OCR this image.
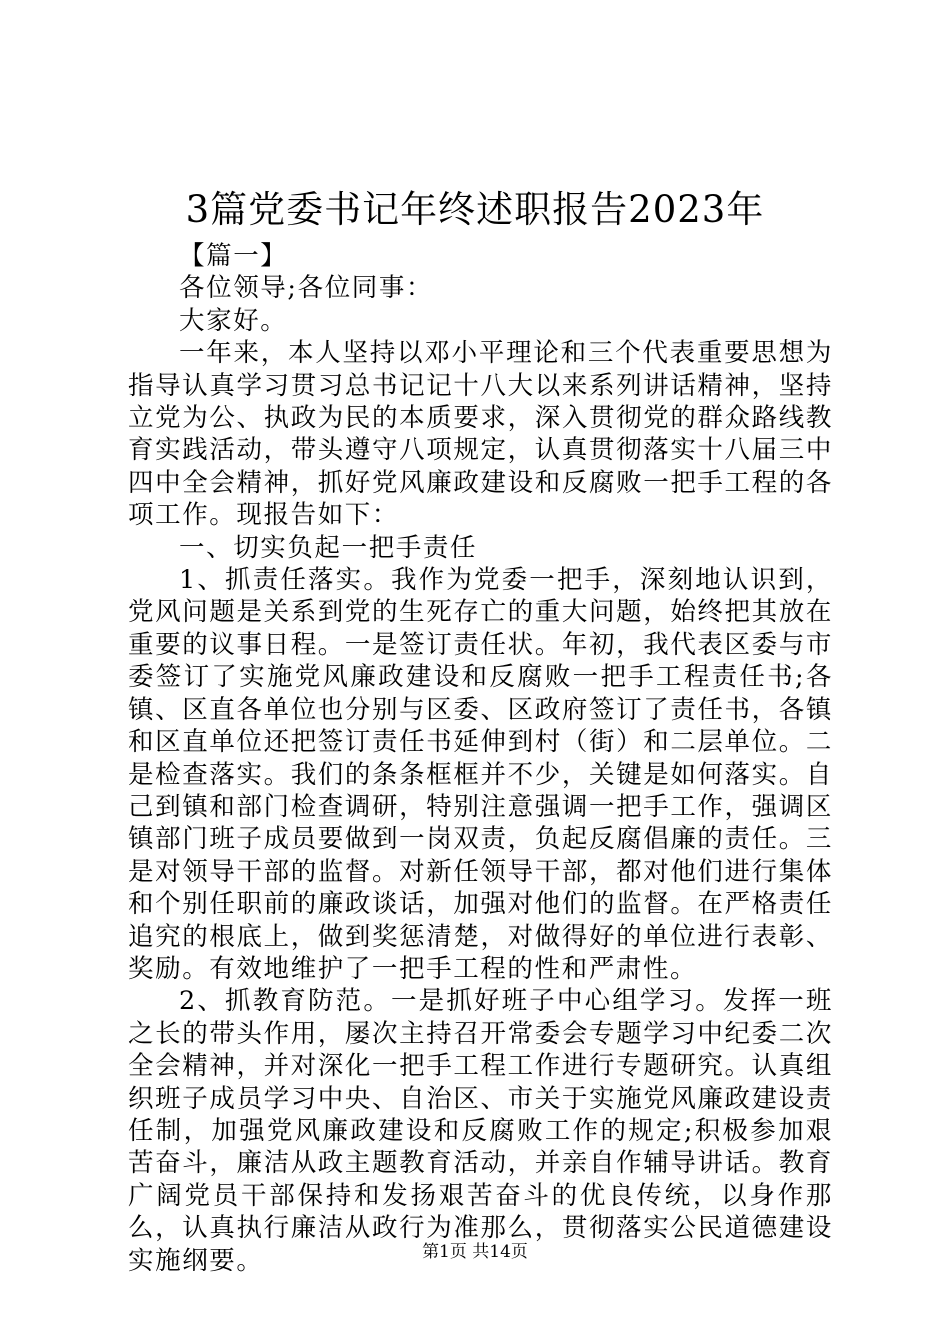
3篇党委书记年终述职报告2023年

【篇一】

各位领导;各位同事：

大家好。

一年来，本人坚持以邓小平理论和三个代表重要思想为指导认真学习贯习总书记记十八大以来系列讲话精神，坚持立党为公、执政为民的本质要求，深入贯彻党的群众路线教育实践活动，带头遵守八项规定，认真贯彻落实十八届三中四中全会精神，抓好党风廉政建设和反腐败一把手工程的各项工作。现报告如下：

一、切实负起一把手责任

1、抓责任落实。我作为党委一把手，深刻地认识到，党风问题是关系到党的生死存亡的重大问题，始终把其放在重要的议事日程。一是签订责任状。年初，我代表区委与市委签订了实施党风廉政建设和反腐败一把手工程责任书;各镇、区直各单位也分别与区委、区政府签订了责任书，各镇和区直单位还把签订责任书延伸到村（街）和二层单位。二是检查落实。我们的条条框框并不少，关键是如何落实。自己到镇和部门检查调研，特别注意强调一把手工作，强调区镇部门班子成员要做到一岗双责，负起反腐倡廉的责任。三是对领导干部的监督。对新任领导干部，都对他们进行集体和个别任职前的廉政谈话，加强对他们的监督。在严格责任追究的根底上，做到奖惩清楚，对做得好的单位进行表彰、奖励。有效地维护了一把手工程的性和严肃性。

2、抓教育防范。一是抓好班子中心组学习。发挥一班之长的带头作用，屡次主持召开常委会专题学习中纪委二次全会精神，并对深化一把手工程工作进行专题研究。认真组织班子成员学习中央、自治区、市关于实施党风廉政建设责任制，加强党风廉政建设和反腐败工作的规定;积极参加艰苦奋斗，廉洁从政主题教育活动，并亲自作辅导讲话。教育广阔党员干部保持和发扬艰苦奋斗的优良传统，以身作那么，认真执行廉洁从政行为准那么，贯彻落实公民道德建设实施纲要。	第1页 共14页
